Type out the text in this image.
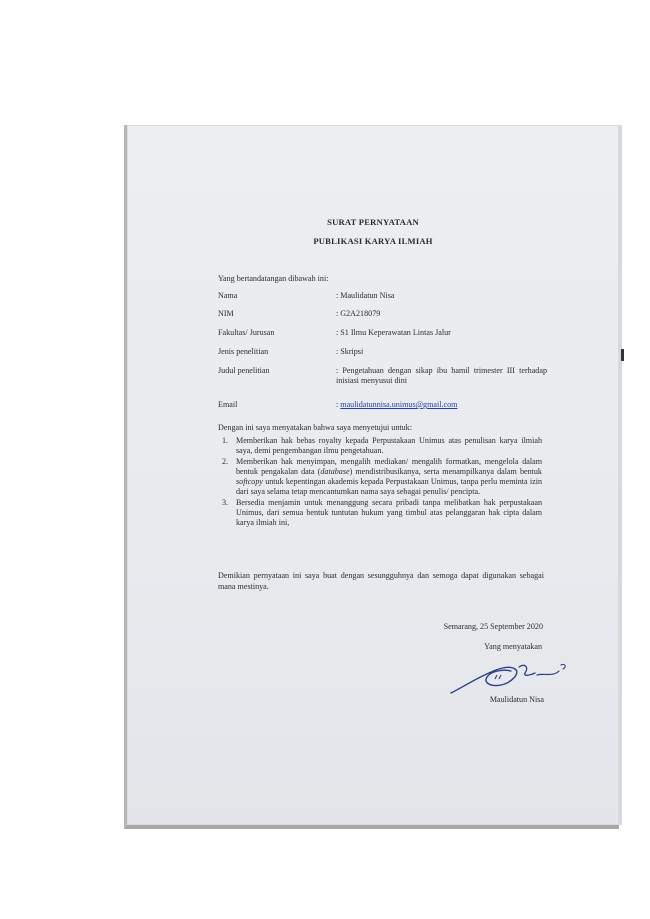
SURAT PERNYATAAN
PUBLIKASI KARYA ILMIAH
Yang bertandatangan dibawah ini:
Nama	: Maulidatun Nisa
NIM	: G2A218079
Fakultas/ Jurusan	: S1 Ilmu Keperawatan Lintas Jalur
Jenis penelitian	: Skripsi
Judul penelitian	: Pengetahuan dengan sikap ibu hamil trimester III terhadap inisiasi menyusui dini
Email	: maulidatunnisa.unimus@gmail.com
Dengan ini saya menyatakan bahwa saya menyetujui untuk:
1. Memberikan hak bebas royalty kepada Perpustakaan Unimus atas penulisan karya ilmiah saya, demi pengembangan ilmu pengetahuan.
2. Memberikan hak menyimpan, mengalih mediakan/ mengalih formatkan, mengelola dalam bentuk pengakalan data (database) mendistribusikanya, serta menampilkanya dalam bentuk softcopy untuk kepentingan akademis kepada Perpustakaan Unimus, tanpa perlu meminta izin dari saya selama tetap mencantumkan nama saya sebagai penulis/ pencipta.
3. Bersedia menjamin untuk menanggung secara pribadi tanpa melibatkan hak perpustakaan Unimus, dari semua bentuk tuntutan hukum yang timbul atas pelanggaran hak cipta dalam karya ilmiah ini,
Demikian pernyataan ini saya buat dengan sesungguhnya dan semoga dapat digunakan sebagai mana mestinya.
Semarang, 25 September 2020
Yang menyatakan
Maulidatun Nisa
